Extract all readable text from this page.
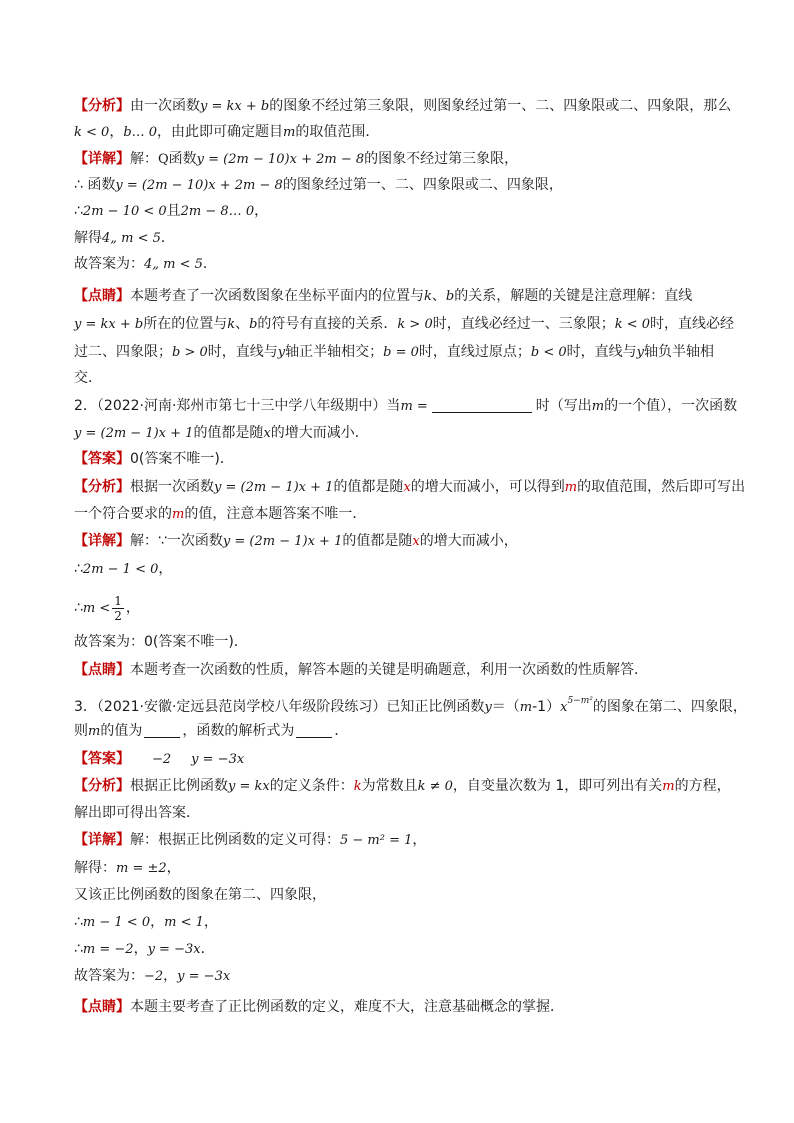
【分析】由一次函数y = kx + b的图象不经过第三象限，则图象经过第一、二、四象限或二、四象限，那么
k < 0，b… 0，由此即可确定题目m的取值范围．
【详解】解：Q函数y = (2m − 10)x + 2m − 8的图象不经过第三象限，
∴ 函数y = (2m − 10)x + 2m − 8的图象经过第一、二、四象限或二、四象限，
∴2m − 10 < 0且2m − 8… 0，
解得4„ m < 5．
故答案为：4„ m < 5．
【点睛】本题考查了一次函数图象在坐标平面内的位置与k、b的关系，解题的关键是注意理解：直线
y = kx + b所在的位置与k、b的符号有直接的关系．k > 0时，直线必经过一、三象限；k < 0时，直线必经
过二、四象限；b > 0时，直线与y轴正半轴相交；b = 0时，直线过原点；b < 0时，直线与y轴负半轴相
交．
2．（2022·河南·郑州市第七十三中学八年级期中）当m =	时（写出m的一个值），一次函数
y = (2m − 1)x + 1的值都是随x的增大而减小．
【答案】0(答案不唯一)．
【分析】根据一次函数y = (2m − 1)x + 1的值都是随x的增大而减小，可以得到m的取值范围，然后即可写出
一个符合要求的m的值，注意本题答案不唯一．
【详解】解：∵一次函数y = (2m − 1)x + 1的值都是随x的增大而减小，
∴2m − 1 < 0，
∴m < $\frac{1}{2}$ ，
故答案为：0(答案不唯一)．
【点睛】本题考查一次函数的性质，解答本题的关键是明确题意，利用一次函数的性质解答．
3．（2021·安徽·定远县范岗学校八年级阶段练习）已知正比例函数$y=(m-1)x^{5-m^2}$的图象在第二、四象限，
则m的值为	，函数的解析式为	．
【答案】 −2 y = −3x
【分析】根据正比例函数y = kx的定义条件：k为常数且k ≠ 0，自变量次数为 1，即可列出有关m的方程，
解出即可得出答案．
【详解】解：根据正比例函数的定义可得：5 − m² = 1，
解得：m = ±2，
又该正比例函数的图象在第二、四象限，
∴m − 1 < 0，m < 1，
∴m = −2，y = −3x．
故答案为：−2，y = −3x
【点睛】本题主要考查了正比例函数的定义，难度不大，注意基础概念的掌握．
